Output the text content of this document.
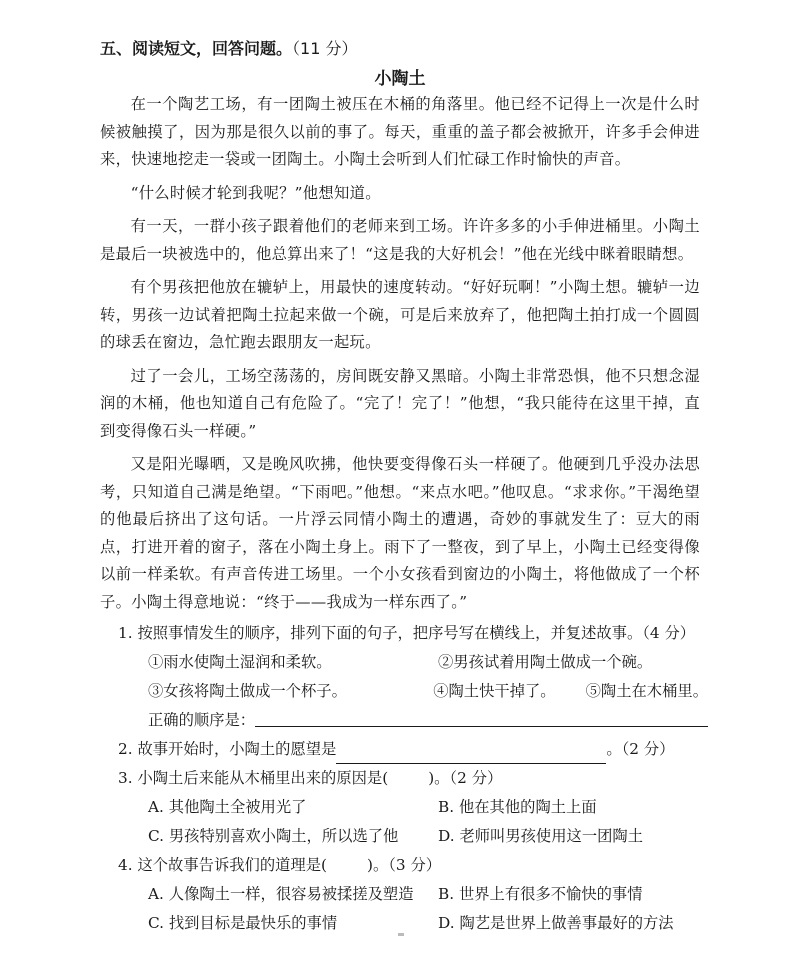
五、阅读短文，回答问题。（11 分）
小陶土

在一个陶艺工场，有一团陶土被压在木桶的角落里。他已经不记得上一次是什么时候被触摸了，因为那是很久以前的事了。每天，重重的盖子都会被掀开，许多手会伸进来，快速地挖走一袋或一团陶土。小陶土会听到人们忙碌工作时愉快的声音。

“什么时候才轮到我呢？”他想知道。

有一天，一群小孩子跟着他们的老师来到工场。许许多多的小手伸进桶里。小陶土是最后一块被选中的，他总算出来了！“这是我的大好机会！”他在光线中眯着眼睛想。

有个男孩把他放在辘轳上，用最快的速度转动。“好好玩啊！”小陶土想。辘轳一边转，男孩一边试着把陶土拉起来做一个碗，可是后来放弃了，他把陶土拍打成一个圆圆的球丢在窗边，急忙跑去跟朋友一起玩。

过了一会儿，工场空荡荡的，房间既安静又黑暗。小陶土非常恐惧，他不只想念湿润的木桶，他也知道自己有危险了。“完了！完了！”他想，“我只能待在这里干掉，直到变得像石头一样硬。”

又是阳光曝晒，又是晚风吹拂，他快要变得像石头一样硬了。他硬到几乎没办法思考，只知道自己满是绝望。“下雨吧。”他想。“来点水吧。”他叹息。“求求你。”干渴绝望的他最后挤出了这句话。一片浮云同情小陶土的遭遇，奇妙的事就发生了：豆大的雨点，打进开着的窗子，落在小陶土身上。雨下了一整夜，到了早上，小陶土已经变得像以前一样柔软。有声音传进工场里。一个小女孩看到窗边的小陶土，将他做成了一个杯子。小陶土得意地说：“终于——我成为一样东西了。”

1. 按照事情发生的顺序，排列下面的句子，把序号写在横线上，并复述故事。（4 分）
①雨水使陶土湿润和柔软。	②男孩试着用陶土做成一个碗。
③女孩将陶土做成一个杯子。	④陶土快干掉了。	⑤陶土在木桶里。
正确的顺序是：
2. 故事开始时，小陶土的愿望是	。（2 分）
3. 小陶土后来能从木桶里出来的原因是(	)。（2 分）
A. 其他陶土全被用光了	B. 他在其他的陶土上面
C. 男孩特别喜欢小陶土，所以选了他	D. 老师叫男孩使用这一团陶土
4. 这个故事告诉我们的道理是(	)。（3 分）
A. 人像陶土一样，很容易被揉搓及塑造	B. 世界上有很多不愉快的事情
C. 找到目标是最快乐的事情	D. 陶艺是世界上做善事最好的方法
